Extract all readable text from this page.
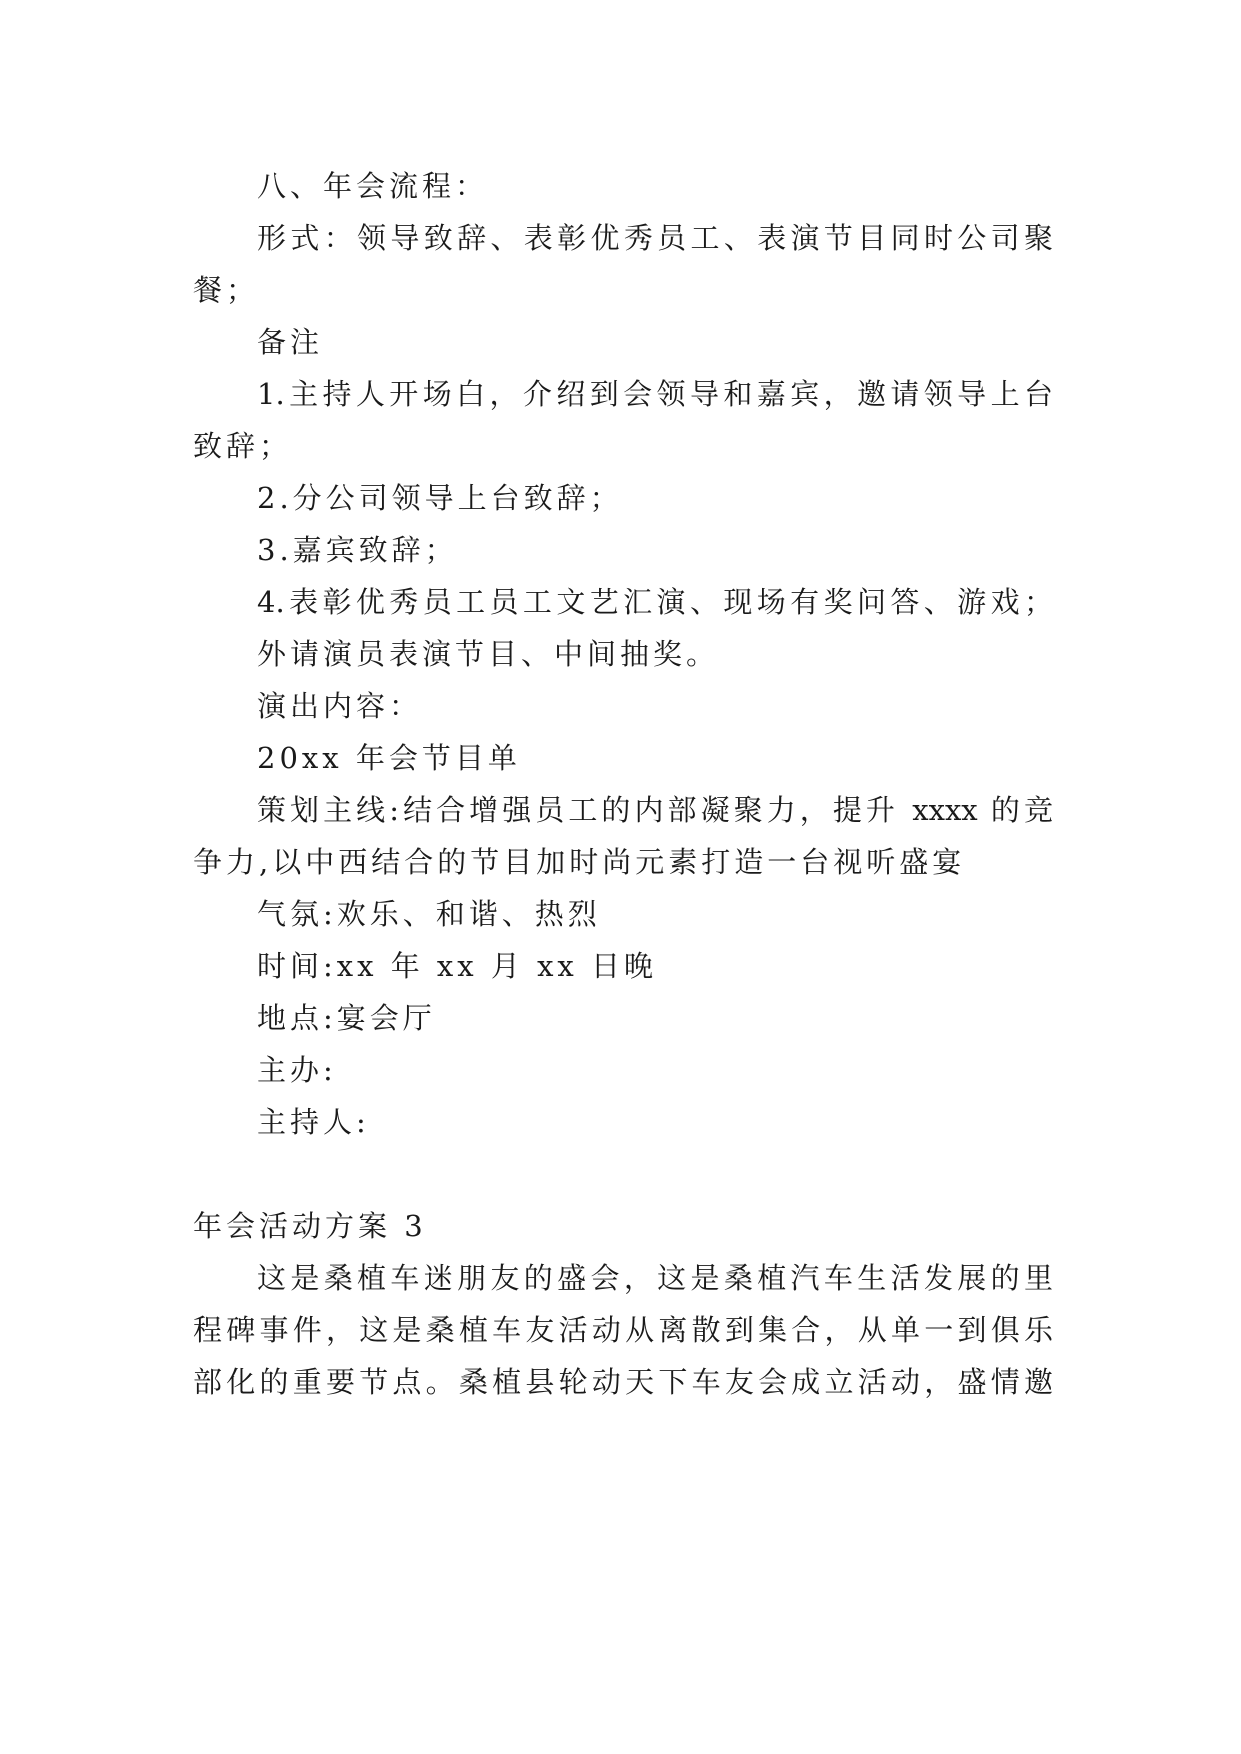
八、年会流程：
形式：领导致辞、表彰优秀员工、表演节目同时公司聚
餐；
备注
1.主持人开场白，介绍到会领导和嘉宾，邀请领导上台
致辞；
2.分公司领导上台致辞；
3.嘉宾致辞；
4.表彰优秀员工员工文艺汇演、现场有奖问答、游戏；
外请演员表演节目、中间抽奖。
演出内容：
20xx 年会节目单
策划主线:结合增强员工的内部凝聚力，提升 xxxx 的竞
争力,以中西结合的节目加时尚元素打造一台视听盛宴
气氛:欢乐、和谐、热烈
时间:xx 年 xx 月 xx 日晚
地点:宴会厅
主办:
主持人:
年会活动方案 3
这是桑植车迷朋友的盛会，这是桑植汽车生活发展的里
程碑事件，这是桑植车友活动从离散到集合，从单一到俱乐
部化的重要节点。桑植县轮动天下车友会成立活动，盛情邀
